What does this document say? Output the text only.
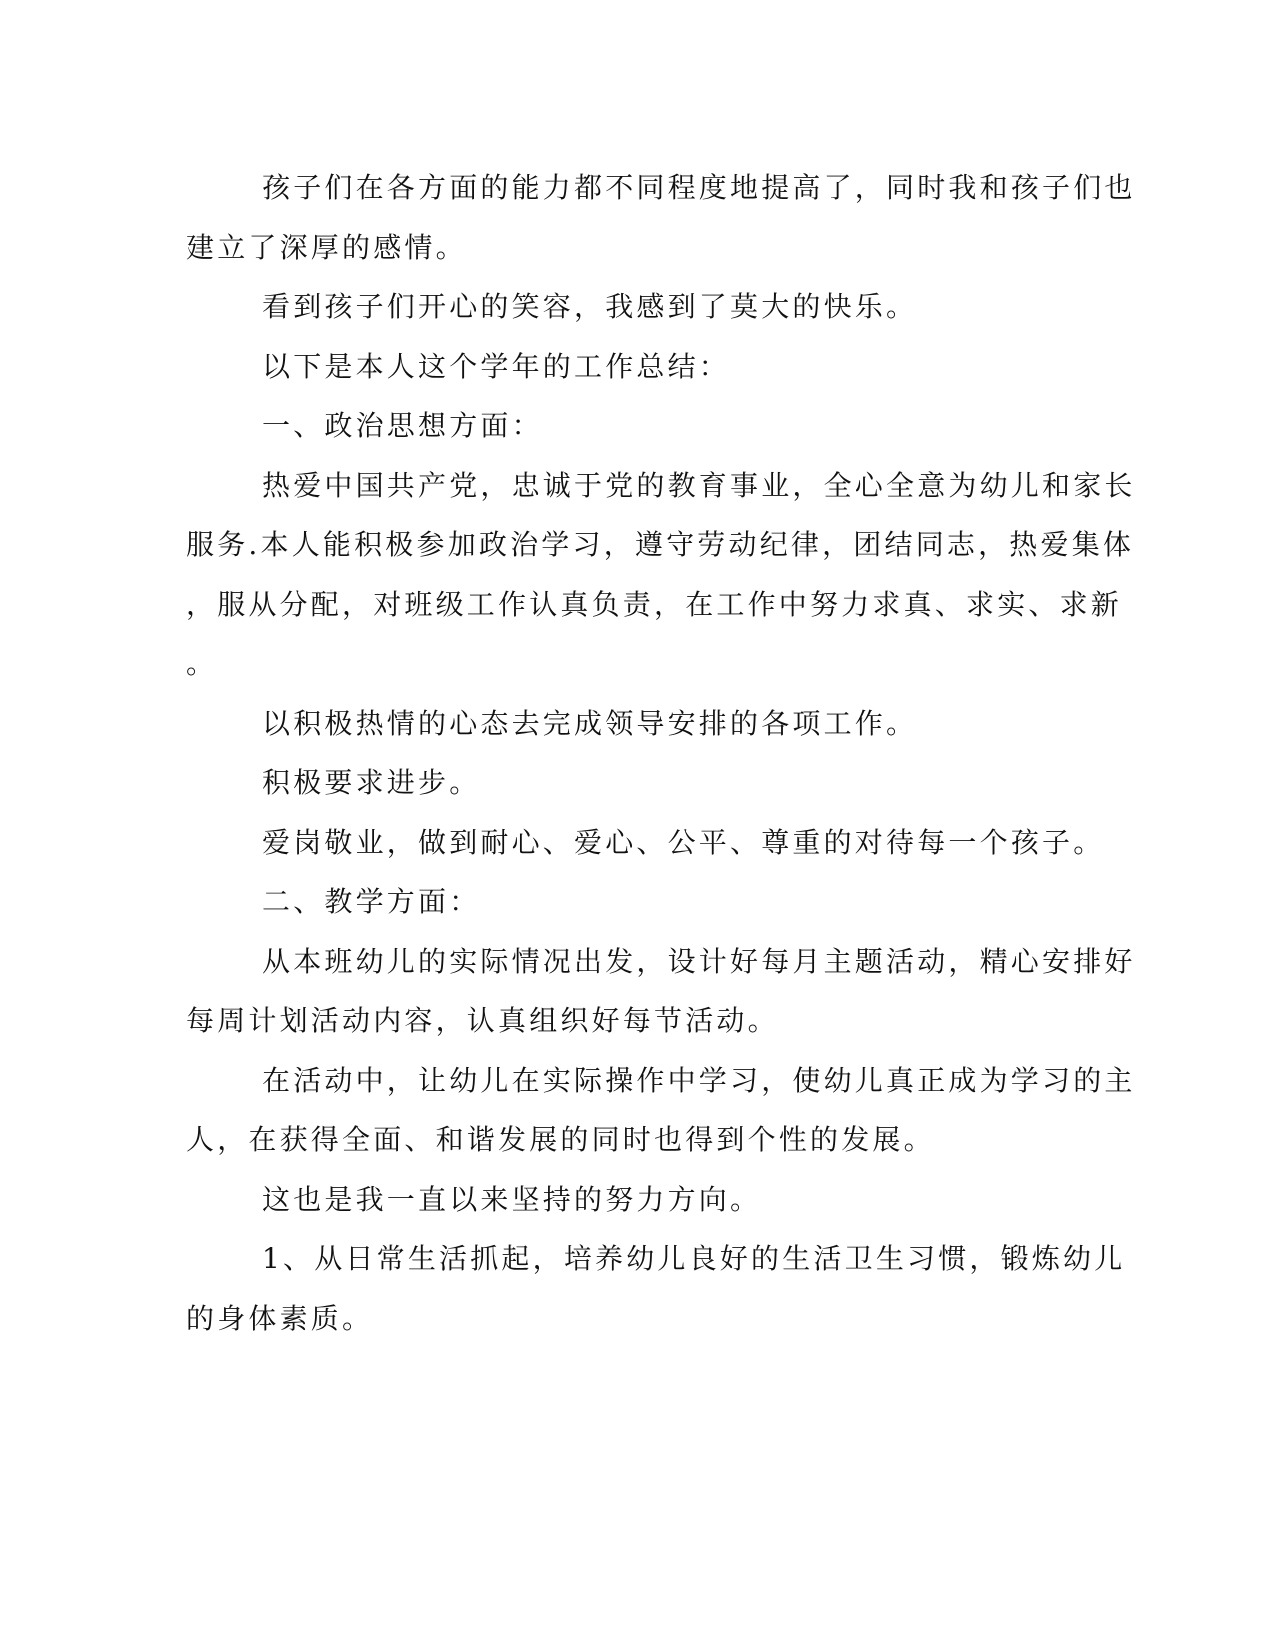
孩子们在各方面的能力都不同程度地提高了，同时我和孩子们也
建立了深厚的感情。
看到孩子们开心的笑容，我感到了莫大的快乐。
以下是本人这个学年的工作总结：
一、政治思想方面：
热爱中国共产党，忠诚于党的教育事业，全心全意为幼儿和家长
服务.本人能积极参加政治学习，遵守劳动纪律，团结同志，热爱集体
，服从分配，对班级工作认真负责，在工作中努力求真、求实、求新
。
以积极热情的心态去完成领导安排的各项工作。
积极要求进步。
爱岗敬业，做到耐心、爱心、公平、尊重的对待每一个孩子。
二、教学方面：
从本班幼儿的实际情况出发，设计好每月主题活动，精心安排好
每周计划活动内容，认真组织好每节活动。
在活动中，让幼儿在实际操作中学习，使幼儿真正成为学习的主
人，在获得全面、和谐发展的同时也得到个性的发展。
这也是我一直以来坚持的努力方向。
1、从日常生活抓起，培养幼儿良好的生活卫生习惯，锻炼幼儿
的身体素质。
